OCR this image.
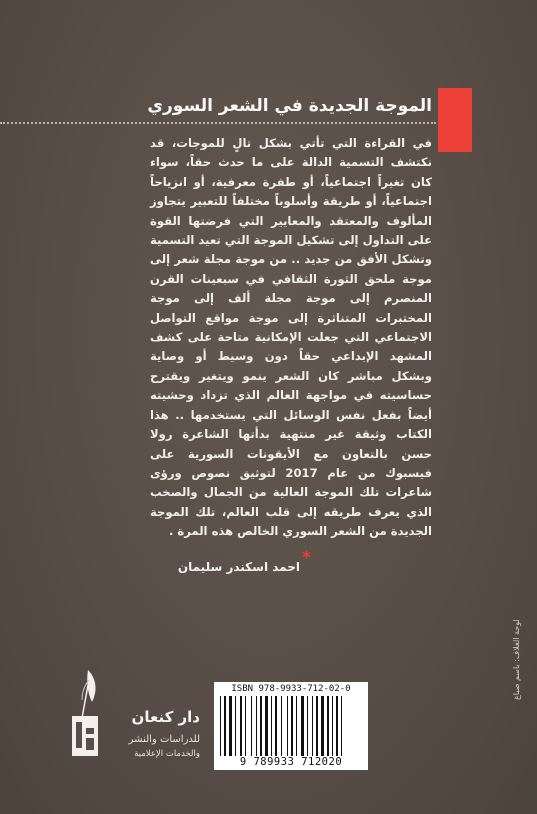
الموجة الجديدة في الشعر السوري
في القراءة التي تأتي بشكل تالٍ للموجات، قد نكتشف التسمية الدالة على ما حدث حقاً، سواء كان تغيراً اجتماعياً، أو طفرة معرفية، أو انزياحاً اجتماعياً، أو طريقة وأسلوباً مختلفاً للتعبير يتجاوز المألوف والمعتقد والمعايير التي فرضتها القوة على التداول إلى تشكيل الموجة التي تعيد التسمية وتشكل الأفق من جديد .. من موجة مجلة شعر إلى موجة ملحق الثورة الثقافي في سبعينات القرن المنصرم إلى موجة مجلة ألف إلى موجة المختبرات المتناثرة إلى موجة مواقع التواصل الاجتماعي التي جعلت الإمكانية متاحة على كشف المشهد الإبداعي حقاً دون وسيط أو وصاية وبشكل مباشر كان الشعر ينمو ويتغير ويقترح حساسيته في مواجهة العالم الذي تزداد وحشيته أيضاً بفعل نفس الوسائل التي يستخدمها .. هذا الكتاب وثيقة غير منتهية بدأتها الشاعرة رولا حسن بالتعاون مع الأيقونات السورية على فيسبوك من عام 2017 لتوثيق نصوص ورؤى شاعرات تلك الموجة العالية من الجمال والصخب الذي يعرف طريقه إلى قلب العالم، تلك الموجة الجديدة من الشعر السوري الخالص هذه المرة .
*
احمد اسكندر سليمان
لوحة الغلاف: باسم صباغ
ISBN 978-9933-712-02-0
9 789933 712020
دار كنعان
للدراسات والنشر
والخدمات الإعلامية
